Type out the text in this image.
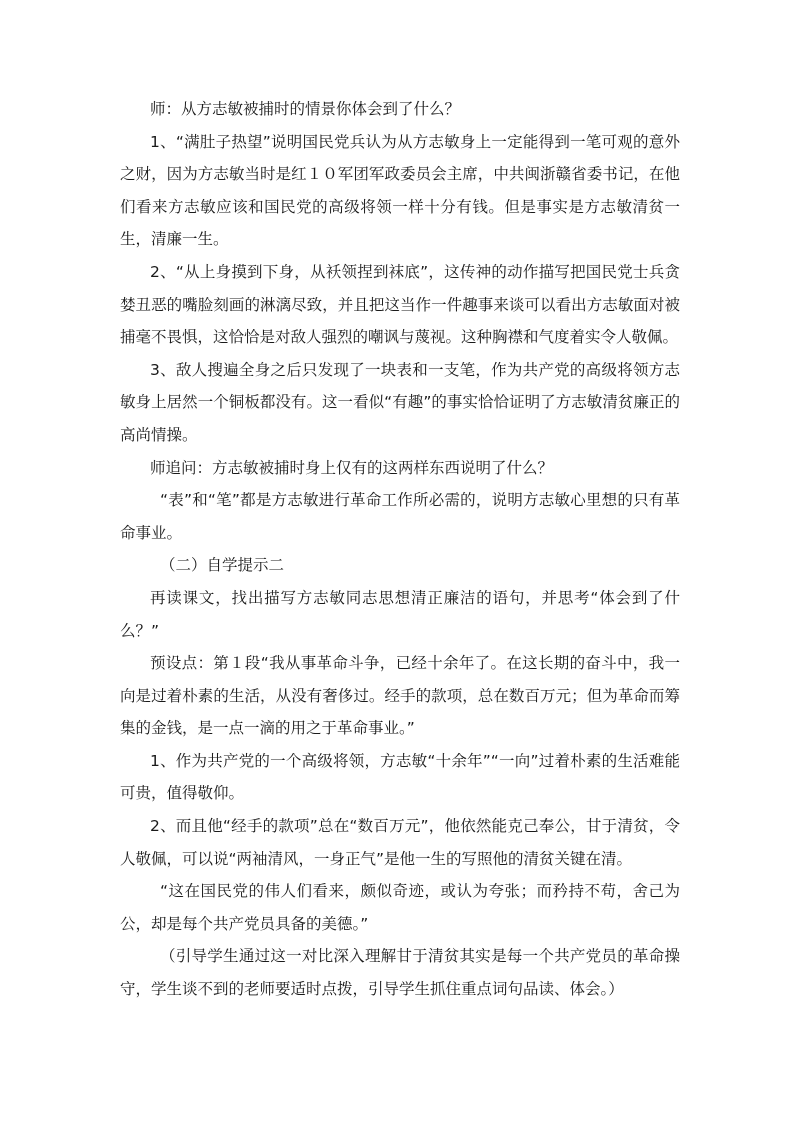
师：从方志敏被捕时的情景你体会到了什么？

1、“满肚子热望”说明国民党兵认为从方志敏身上一定能得到一笔可观的意外之财，因为方志敏当时是红１０军团军政委员会主席，中共闽浙赣省委书记，在他们看来方志敏应该和国民党的高级将领一样十分有钱。但是事实是方志敏清贫一生，清廉一生。

2、“从上身摸到下身，从袄领捏到袜底”，这传神的动作描写把国民党士兵贪婪丑恶的嘴脸刻画的淋漓尽致，并且把这当作一件趣事来谈可以看出方志敏面对被捕毫不畏惧，这恰恰是对敌人强烈的嘲讽与蔑视。这种胸襟和气度着实令人敬佩。

3、敌人搜遍全身之后只发现了一块表和一支笔，作为共产党的高级将领方志敏身上居然一个铜板都没有。这一看似“有趣”的事实恰恰证明了方志敏清贫廉正的高尚情操。

师追问：方志敏被捕时身上仅有的这两样东西说明了什么？

“表”和“笔”都是方志敏进行革命工作所必需的，说明方志敏心里想的只有革命事业。

（二）自学提示二

再读课文，找出描写方志敏同志思想清正廉洁的语句，并思考“体会到了什么？”

预设点：第１段“我从事革命斗争，已经十余年了。在这长期的奋斗中，我一向是过着朴素的生活，从没有奢侈过。经手的款项，总在数百万元；但为革命而筹集的金钱，是一点一滴的用之于革命事业。”

1、作为共产党的一个高级将领，方志敏“十余年”“一向”过着朴素的生活难能可贵，值得敬仰。

2、而且他“经手的款项”总在“数百万元”，他依然能克己奉公，甘于清贫，令人敬佩，可以说“两袖清风，一身正气”是他一生的写照他的清贫关键在清。

“这在国民党的伟人们看来，颇似奇迹，或认为夸张；而矜持不苟，舍己为公，却是每个共产党员具备的美德。”

（引导学生通过这一对比深入理解甘于清贫其实是每一个共产党员的革命操守，学生谈不到的老师要适时点拨，引导学生抓住重点词句品读、体会。）
